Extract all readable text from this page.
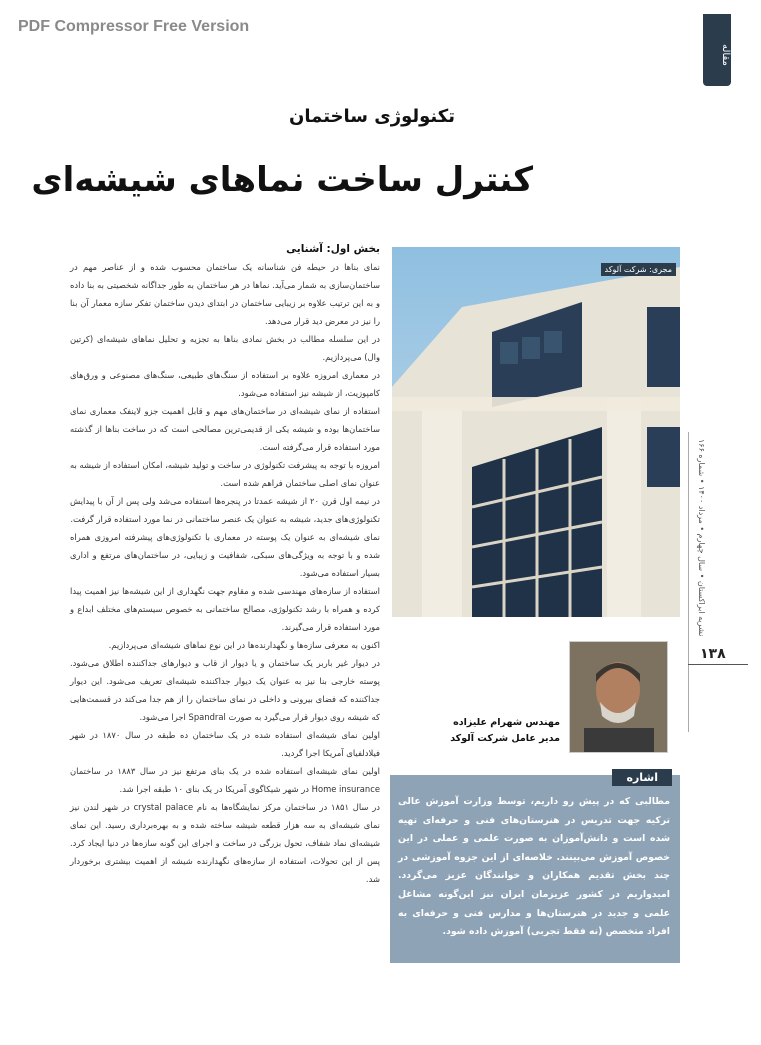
PDF Compressor Free Version
مقاله
تکنولوژی ساختمان
کنترل ساخت نماهای شیشه‌ای
مجری: شرکت آلوکد

بخش اول: آشنایی

نمای بناها در حیطه فن شناسانه یک ساختمان محسوب شده و از عناصر مهم در ساختمان‌سازی به شمار می‌آید. نماها در هر ساختمان به طور جداگانه شخصیتی به بنا داده و به این ترتیب علاوه بر زیبایی ساختمان در ابتدای دیدن ساختمان تفکر سازه معمار آن بنا را نیز در معرض دید قرار می‌دهد.

در این سلسله مطالب در بخش نمادی بناها به تجزیه و تحلیل نماهای شیشه‌ای (کرتین وال) می‌پردازیم.

در معماری امروزه علاوه بر استفاده از سنگ‌های طبیعی، سنگ‌های مصنوعی و ورق‌های کامپوزیت، از شیشه نیز استفاده می‌شود.

استفاده از نمای شیشه‌ای در ساختمان‌های مهم و قابل اهمیت جزو لاینفک معماری نمای ساختمان‌ها بوده و شیشه یکی از قدیمی‌ترین مصالحی است که در ساخت بناها از گذشته مورد استفاده قرار می‌گرفته است.

امروزه با توجه به پیشرفت تکنولوژی در ساخت و تولید شیشه، امکان استفاده از شیشه به عنوان نمای اصلی ساختمان فراهم شده است.

در نیمه اول قرن ۲۰ از شیشه عمدتا در پنجره‌ها استفاده می‌شد ولی پس از آن با پیدایش تکنولوژی‌های جدید، شیشه به عنوان یک عنصر ساختمانی در نما مورد استفاده قرار گرفت.

نمای شیشه‌ای به عنوان یک پوسته در معماری با تکنولوژی‌های پیشرفته امروزی همراه شده و با توجه به ویژگی‌های سبکی، شفافیت و زیبایی، در ساختمان‌های مرتفع و اداری بسیار استفاده می‌شود.

استفاده از سازه‌های مهندسی شده و مقاوم جهت نگهداری از این شیشه‌ها نیز اهمیت پیدا کرده و همراه با رشد تکنولوژی، مصالح ساختمانی به خصوص سیستم‌های مختلف ابداع و مورد استفاده قرار می‌گیرند.

اکنون به معرفی سازه‌ها و نگهدارنده‌ها در این نوع نماهای شیشه‌ای می‌پردازیم.

در دیوار غیر باربر یک ساختمان و یا دیوار از قاب و دیوارهای جداکننده اطلاق می‌شود. پوسته خارجی بنا نیز به عنوان یک دیوار جداکننده شیشه‌ای تعریف می‌شود. این دیوار جداکننده که فضای بیرونی و داخلی در نمای ساختمان را از هم جدا می‌کند در قسمت‌هایی که شیشه روی دیوار قرار می‌گیرد به صورت Spandral اجرا می‌شود.

اولین نمای شیشه‌ای استفاده شده در یک ساختمان ده طبقه در سال ۱۸۷۰ در شهر فیلادلفیای آمریکا اجرا گردید.

اولین نمای شیشه‌ای استفاده شده در یک بنای مرتفع نیز در سال ۱۸۸۳ در ساختمان Home insurance در شهر شیکاگوی آمریکا در یک بنای ۱۰ طبقه اجرا شد.

در سال ۱۸۵۱ در ساختمان مرکز نمایشگاه‌ها به نام crystal palace در شهر لندن نیز نمای شیشه‌ای به سه هزار قطعه شیشه ساخته شده و به بهره‌برداری رسید. این نمای شیشه‌ای نماد شفاف، تحول بزرگی در ساخت و اجرای این گونه سازه‌ها در دنیا ایجاد کرد. پس از این تحولات، استفاده از سازه‌های نگهدارنده شیشه از اهمیت بیشتری برخوردار شد.

مهندس شهرام علیزاده
مدیر عامل شرکت آلوکد
اشاره
مطالبی که در پیش رو داریم، توسط وزارت آموزش عالی ترکیه جهت تدریس در هنرستان‌های فنی و حرفه‌ای تهیه شده است و دانش‌آموزان به صورت علمی و عملی در این خصوص آموزش می‌بینند. خلاصه‌ای از این جزوه آموزشی در چند بخش تقدیم همکاران و خوانندگان عزیز می‌گردد. امیدواریم در کشور عزیزمان ایران نیز این‌گونه مشاغل علمی و جدید در هنرستان‌ها و مدارس فنی و حرفه‌ای به افراد متخصص (نه فقط تجربی) آموزش داده شود.
نشریه ابراکستان • سال چهارم • مرداد ۱۴۰۰ • شماره ۱۶۶
۱۳۸
